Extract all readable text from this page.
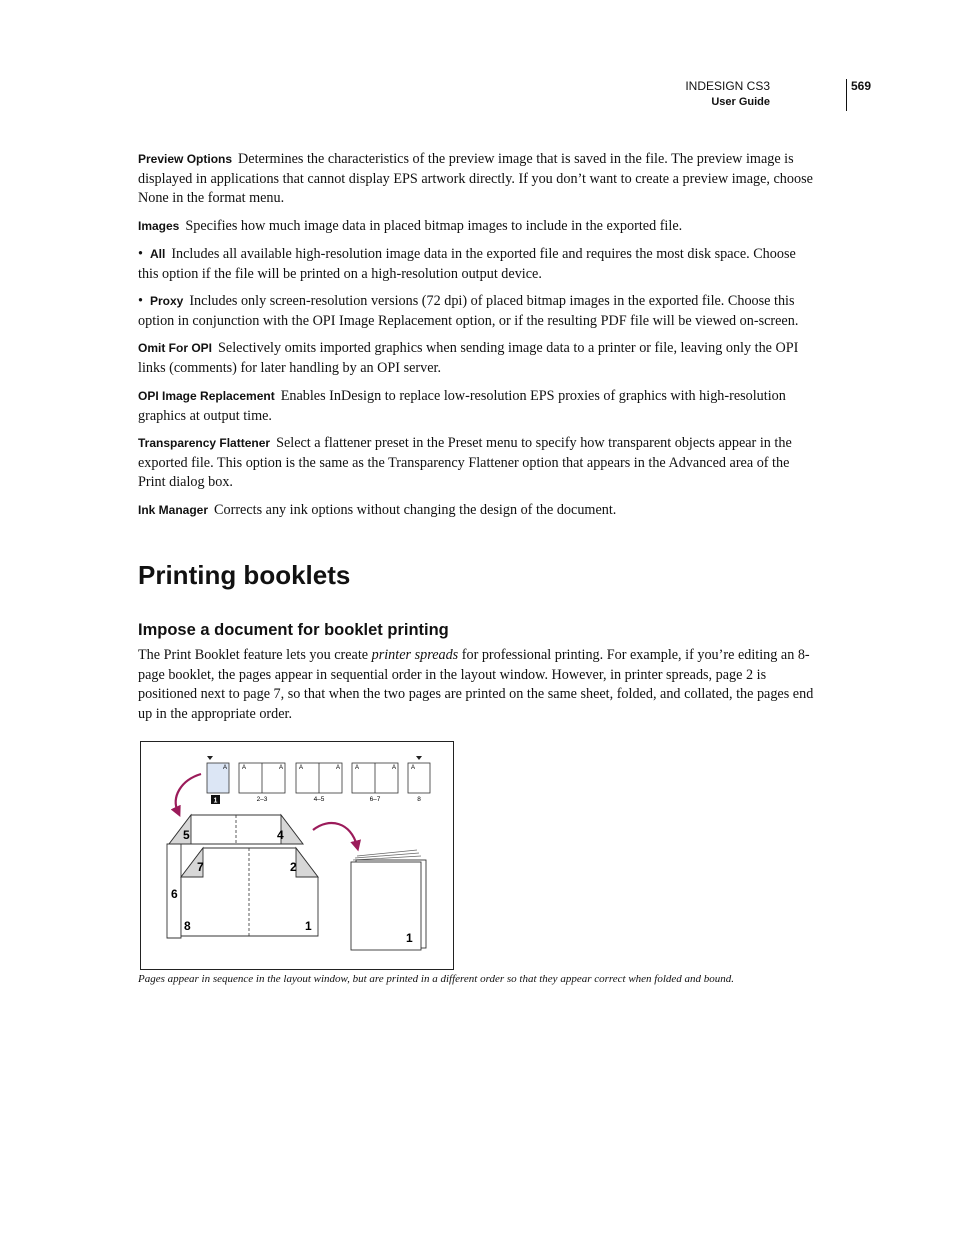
INDESIGN CS3
User Guide
569

Preview Options Determines the characteristics of the preview image that is saved in the file. The preview image is displayed in applications that cannot display EPS artwork directly. If you don’t want to create a preview image, choose None in the format menu.

Images Specifies how much image data in placed bitmap images to include in the exported file.

• All Includes all available high-resolution image data in the exported file and requires the most disk space. Choose this option if the file will be printed on a high-resolution output device.

• Proxy Includes only screen-resolution versions (72 dpi) of placed bitmap images in the exported file. Choose this option in conjunction with the OPI Image Replacement option, or if the resulting PDF file will be viewed on-screen.

Omit For OPI Selectively omits imported graphics when sending image data to a printer or file, leaving only the OPI links (comments) for later handling by an OPI server.

OPI Image Replacement Enables InDesign to replace low-resolution EPS proxies of graphics with high-resolution graphics at output time.

Transparency Flattener Select a flattener preset in the Preset menu to specify how transparent objects appear in the exported file. This option is the same as the Transparency Flattener option that appears in the Advanced area of the Print dialog box.

Ink Manager Corrects any ink options without changing the design of the document.

Printing booklets
Impose a document for booklet printing

The Print Booklet feature lets you create printer spreads for professional printing. For example, if you’re editing an 8-page booklet, the pages appear in sequential order in the layout window. However, in printer spreads, page 2 is positioned next to page 7, so that when the two pages are printed on the same sheet, folded, and collated, the pages end up in the appropriate order.

A
1
A	A
2–3
A	A
4–5
A	A
6–7
A
8
6
5	4
7	2
8	1
1

Pages appear in sequence in the layout window, but are printed in a different order so that they appear correct when folded and bound.
